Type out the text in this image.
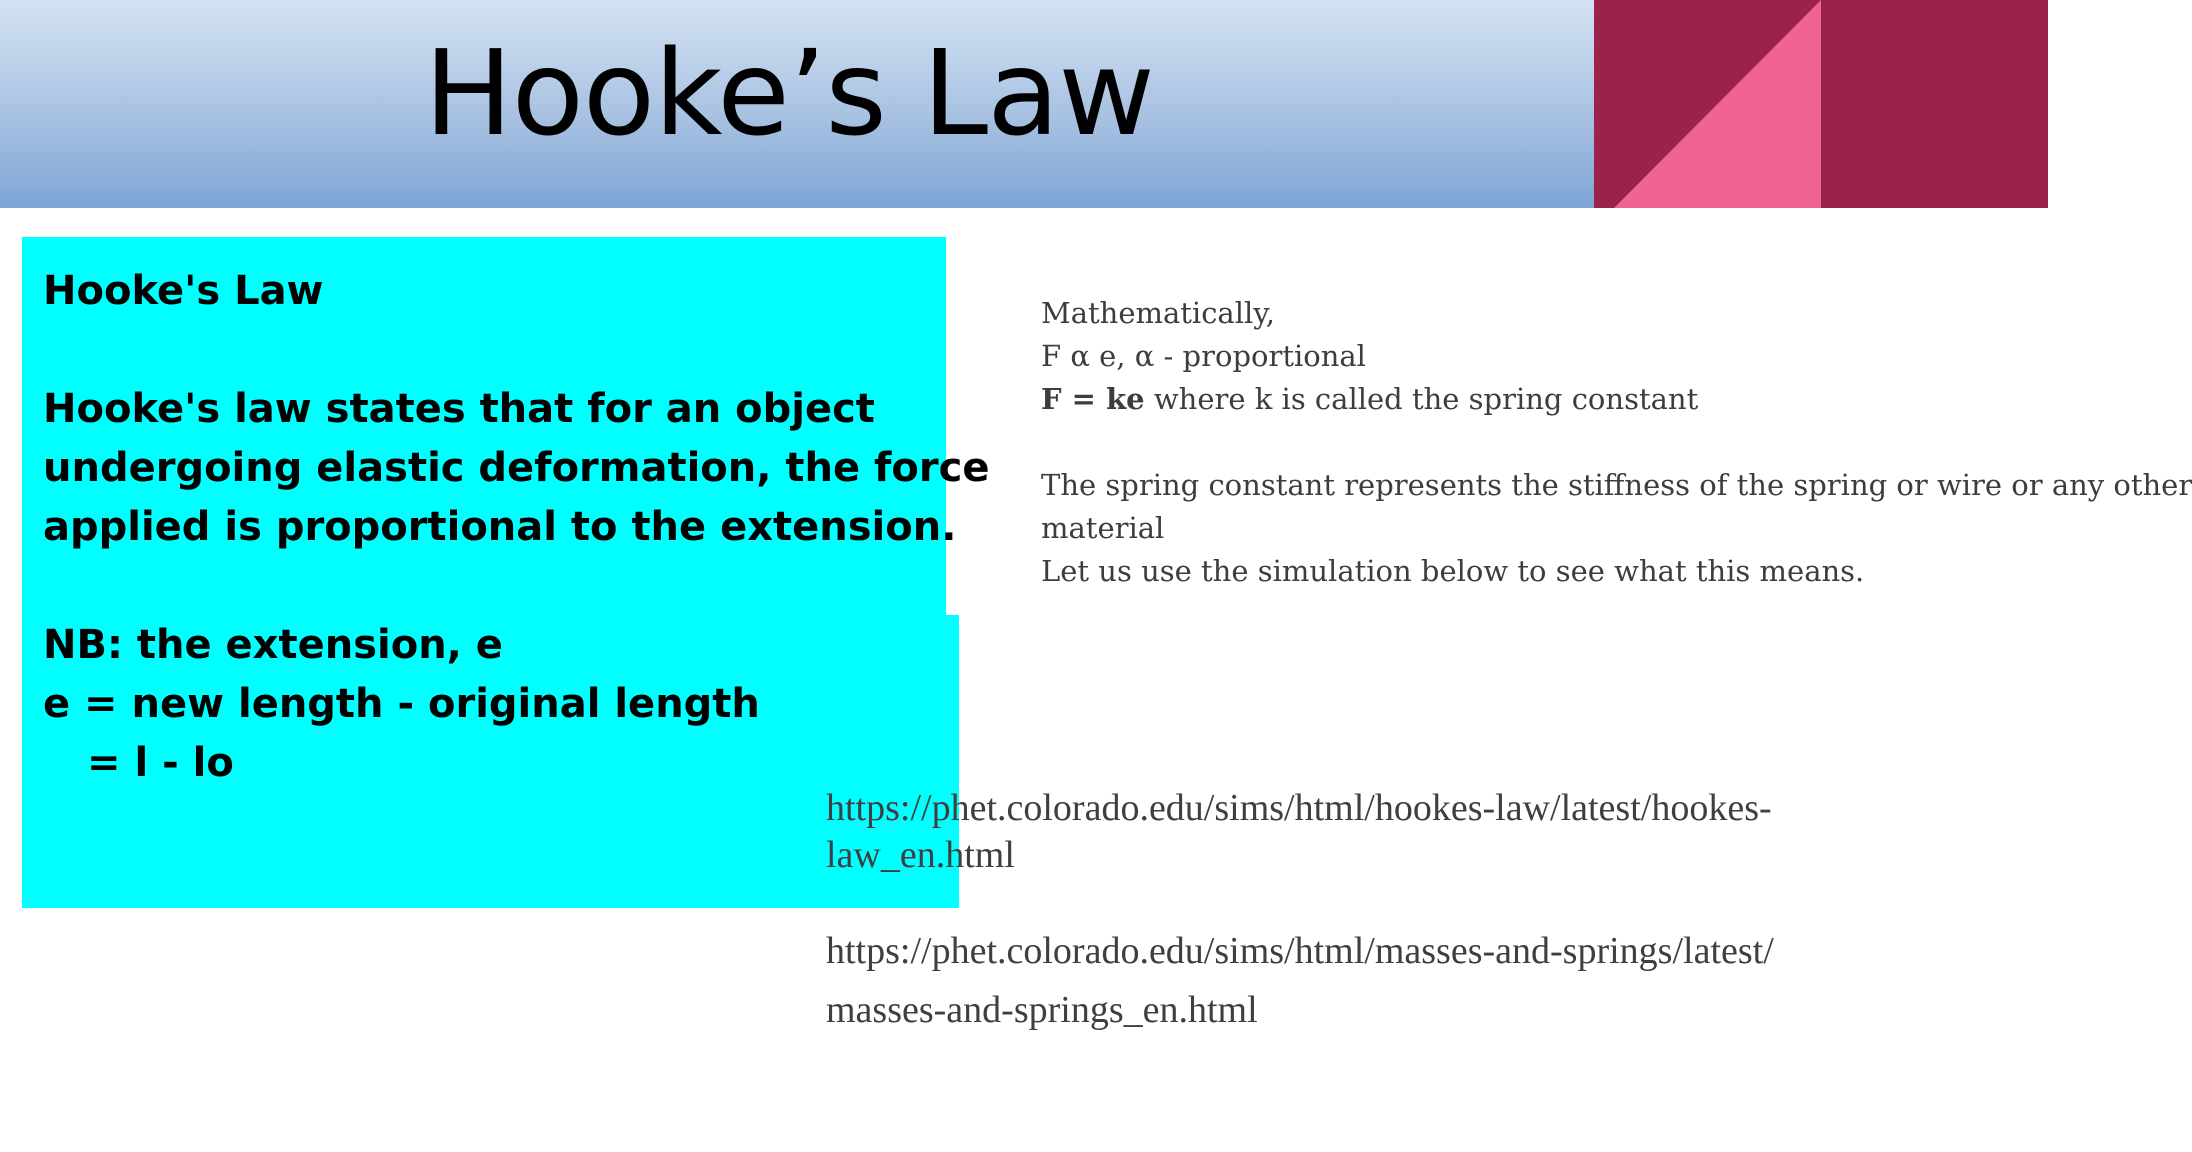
Hooke’s Law
Hooke's Law
Hooke's law states that for an object
undergoing elastic deformation, the force
applied is proportional to the extension.
NB: the extension, e
e = new length - original length
= l - lo
Mathematically,
F α e, α - proportional
F = ke where k is called the spring constant
The spring constant represents the stiffness of the spring or wire or any other
material
Let us use the simulation below to see what this means.
https://phet.colorado.edu/sims/html/hookes-law/latest/hookes-
law_en.html
https://phet.colorado.edu/sims/html/masses-and-springs/latest/
masses-and-springs_en.html
